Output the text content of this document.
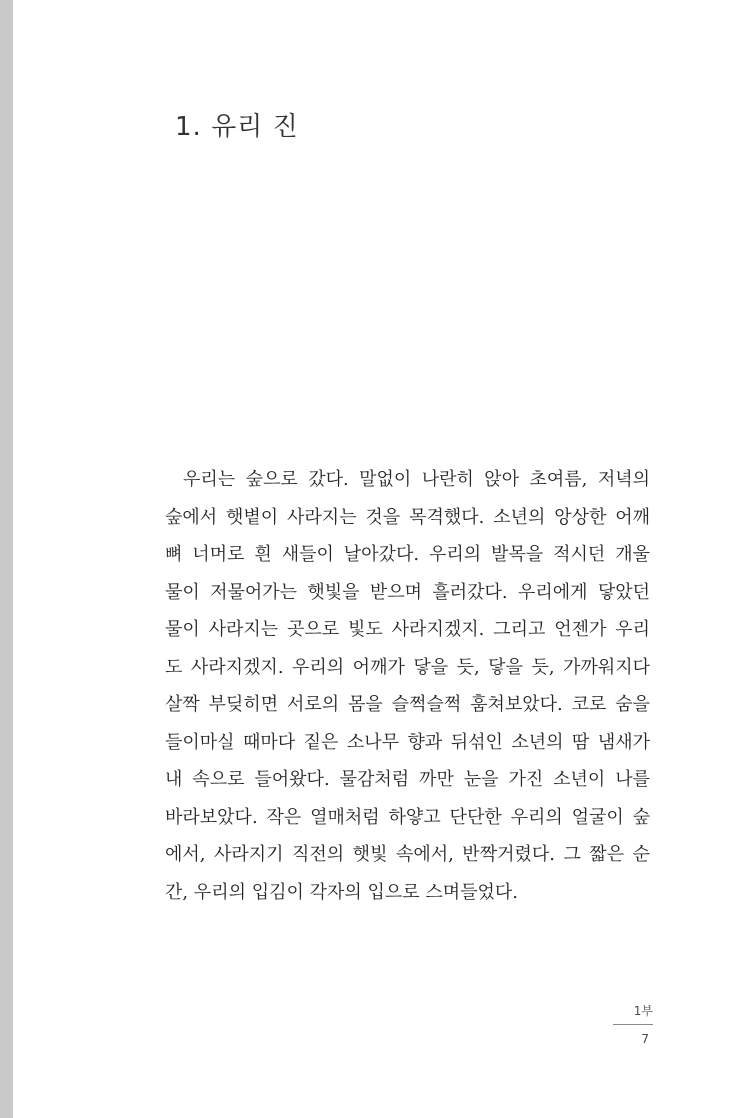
1. 유리 진
우리는 숲으로 갔다. 말없이 나란히 앉아 초여름, 저녁의
숲에서 햇볕이 사라지는 것을 목격했다. 소년의 앙상한 어깨
뼈 너머로 흰 새들이 날아갔다. 우리의 발목을 적시던 개울
물이 저물어가는 햇빛을 받으며 흘러갔다. 우리에게 닿았던
물이 사라지는 곳으로 빛도 사라지겠지. 그리고 언젠가 우리
도 사라지겠지. 우리의 어깨가 닿을 듯, 닿을 듯, 가까워지다
살짝 부딪히면 서로의 몸을 슬쩍슬쩍 훔쳐보았다. 코로 숨을
들이마실 때마다 짙은 소나무 향과 뒤섞인 소년의 땀 냄새가
내 속으로 들어왔다. 물감처럼 까만 눈을 가진 소년이 나를
바라보았다. 작은 열매처럼 하얗고 단단한 우리의 얼굴이 숲
에서, 사라지기 직전의 햇빛 속에서, 반짝거렸다. 그 짧은 순
간, 우리의 입김이 각자의 입으로 스며들었다.
1부
7
